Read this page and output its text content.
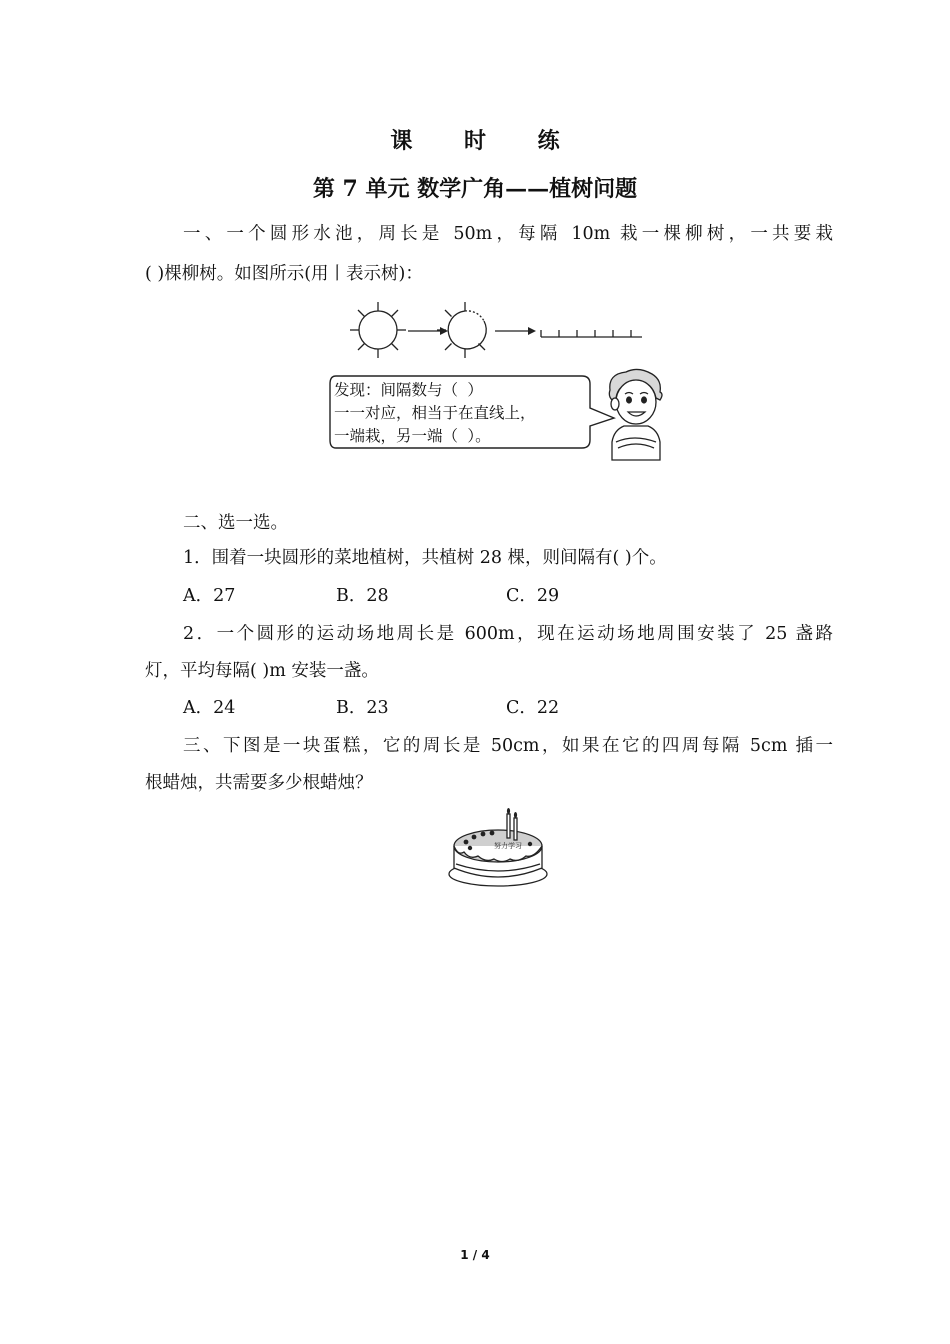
课 时 练
第 7 单元 数学广角——植树问题
一、一个圆形水池，周长是 50m，每隔 10m 栽一棵柳树，一共要栽
( )棵柳树。如图所示(用丨表示树)：
发现：间隔数与（ ）
一一对应，相当于在直线上，
一端栽，另一端（ ）。
二、选一选。
1．围着一块圆形的菜地植树，共植树 28 棵，则间隔有( )个。
A．27	B．28	C．29
2．一个圆形的运动场地周长是 600m，现在运动场地周围安装了 25 盏路
灯，平均每隔( )m 安装一盏。
A．24	B．23	C．22
三、下图是一块蛋糕，它的周长是 50cm，如果在它的四周每隔 5cm 插一
根蜡烛，共需要多少根蜡烛？
努力学习
1 / 4
